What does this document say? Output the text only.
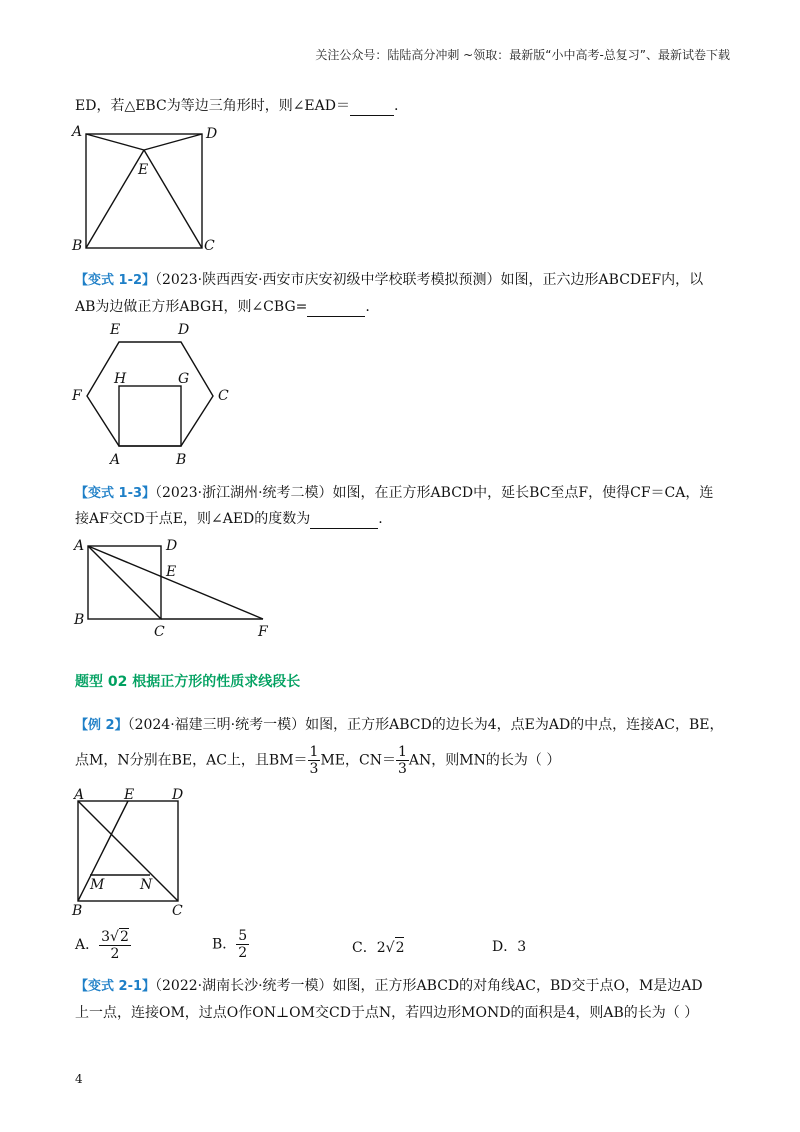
关注公众号：陆陆高分冲刺 ~领取：最新版“小中高考-总复习”、最新试卷下载
ED，若△EBC为等边三角形时，则∠EAD＝	.
A	D
E
B	C
【变式 1-2】（2023·陕西西安·西安市庆安初级中学校联考模拟预测）如图，正六边形ABCDEF内，以
AB为边做正方形ABGH，则∠CBG=	.
E	D
H	G
F	C
A	B
【变式 1-3】（2023·浙江湖州·统考二模）如图，在正方形ABCD中，延长BC至点F，使得CF＝CA，连
接AF交CD于点E，则∠AED的度数为	.
A	D
E
B
C	F
题型 02 根据正方形的性质求线段长
【例 2】（2024·福建三明·统考一模）如图，正方形ABCD的边长为4，点E为AD的中点，连接AC，BE，
点M，N分别在BE，AC上，且$BM= \frac{1}{3}$ ME，$CN= \frac{1}{3}$ AN，则MN的长为（ ）
A	E	D
M	N
B	C
A． $\frac{3√2}{2}$	B． $\frac{5}{2}$	C．2√2	D．3
【变式 2-1】（2022·湖南长沙·统考一模）如图，正方形ABCD的对角线AC，BD交于点O，M是边AD
上一点，连接OM，过点O作ON⊥OM交CD于点N，若四边形MOND的面积是4，则AB的长为（ ）
4
